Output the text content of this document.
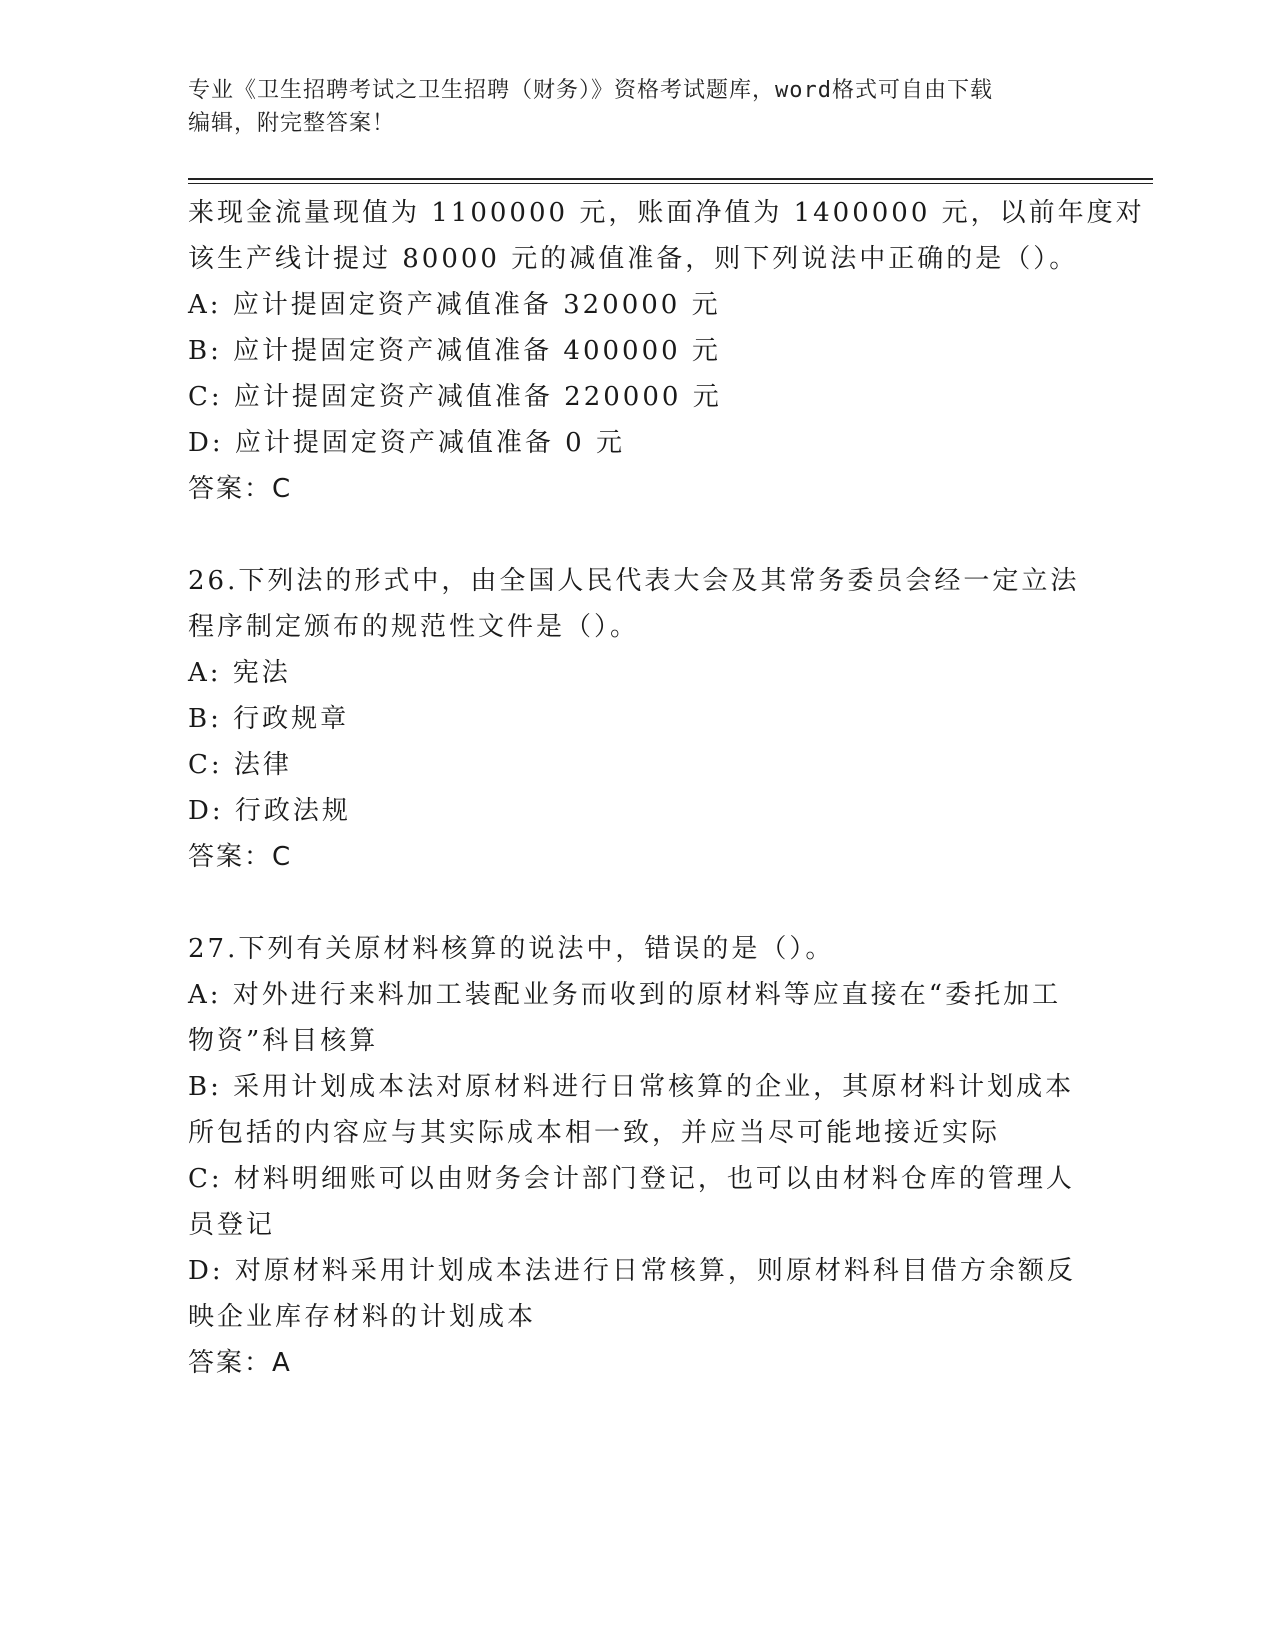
专业《卫生招聘考试之卫生招聘（财务）》资格考试题库，word格式可自由下载
编辑，附完整答案！
来现金流量现值为 1100000 元，账面净值为 1400000 元，以前年度对
该生产线计提过 80000 元的减值准备，则下列说法中正确的是（）。
A: 应计提固定资产减值准备 320000 元
B: 应计提固定资产减值准备 400000 元
C: 应计提固定资产减值准备 220000 元
D: 应计提固定资产减值准备 0 元
答案：C
26.下列法的形式中，由全国人民代表大会及其常务委员会经一定立法
程序制定颁布的规范性文件是（）。
A: 宪法
B: 行政规章
C: 法律
D: 行政法规
答案：C
27.下列有关原材料核算的说法中，错误的是（）。
A: 对外进行来料加工装配业务而收到的原材料等应直接在“委托加工
物资”科目核算
B: 采用计划成本法对原材料进行日常核算的企业，其原材料计划成本
所包括的内容应与其实际成本相一致，并应当尽可能地接近实际
C: 材料明细账可以由财务会计部门登记，也可以由材料仓库的管理人
员登记
D: 对原材料采用计划成本法进行日常核算，则原材料科目借方余额反
映企业库存材料的计划成本
答案：A
